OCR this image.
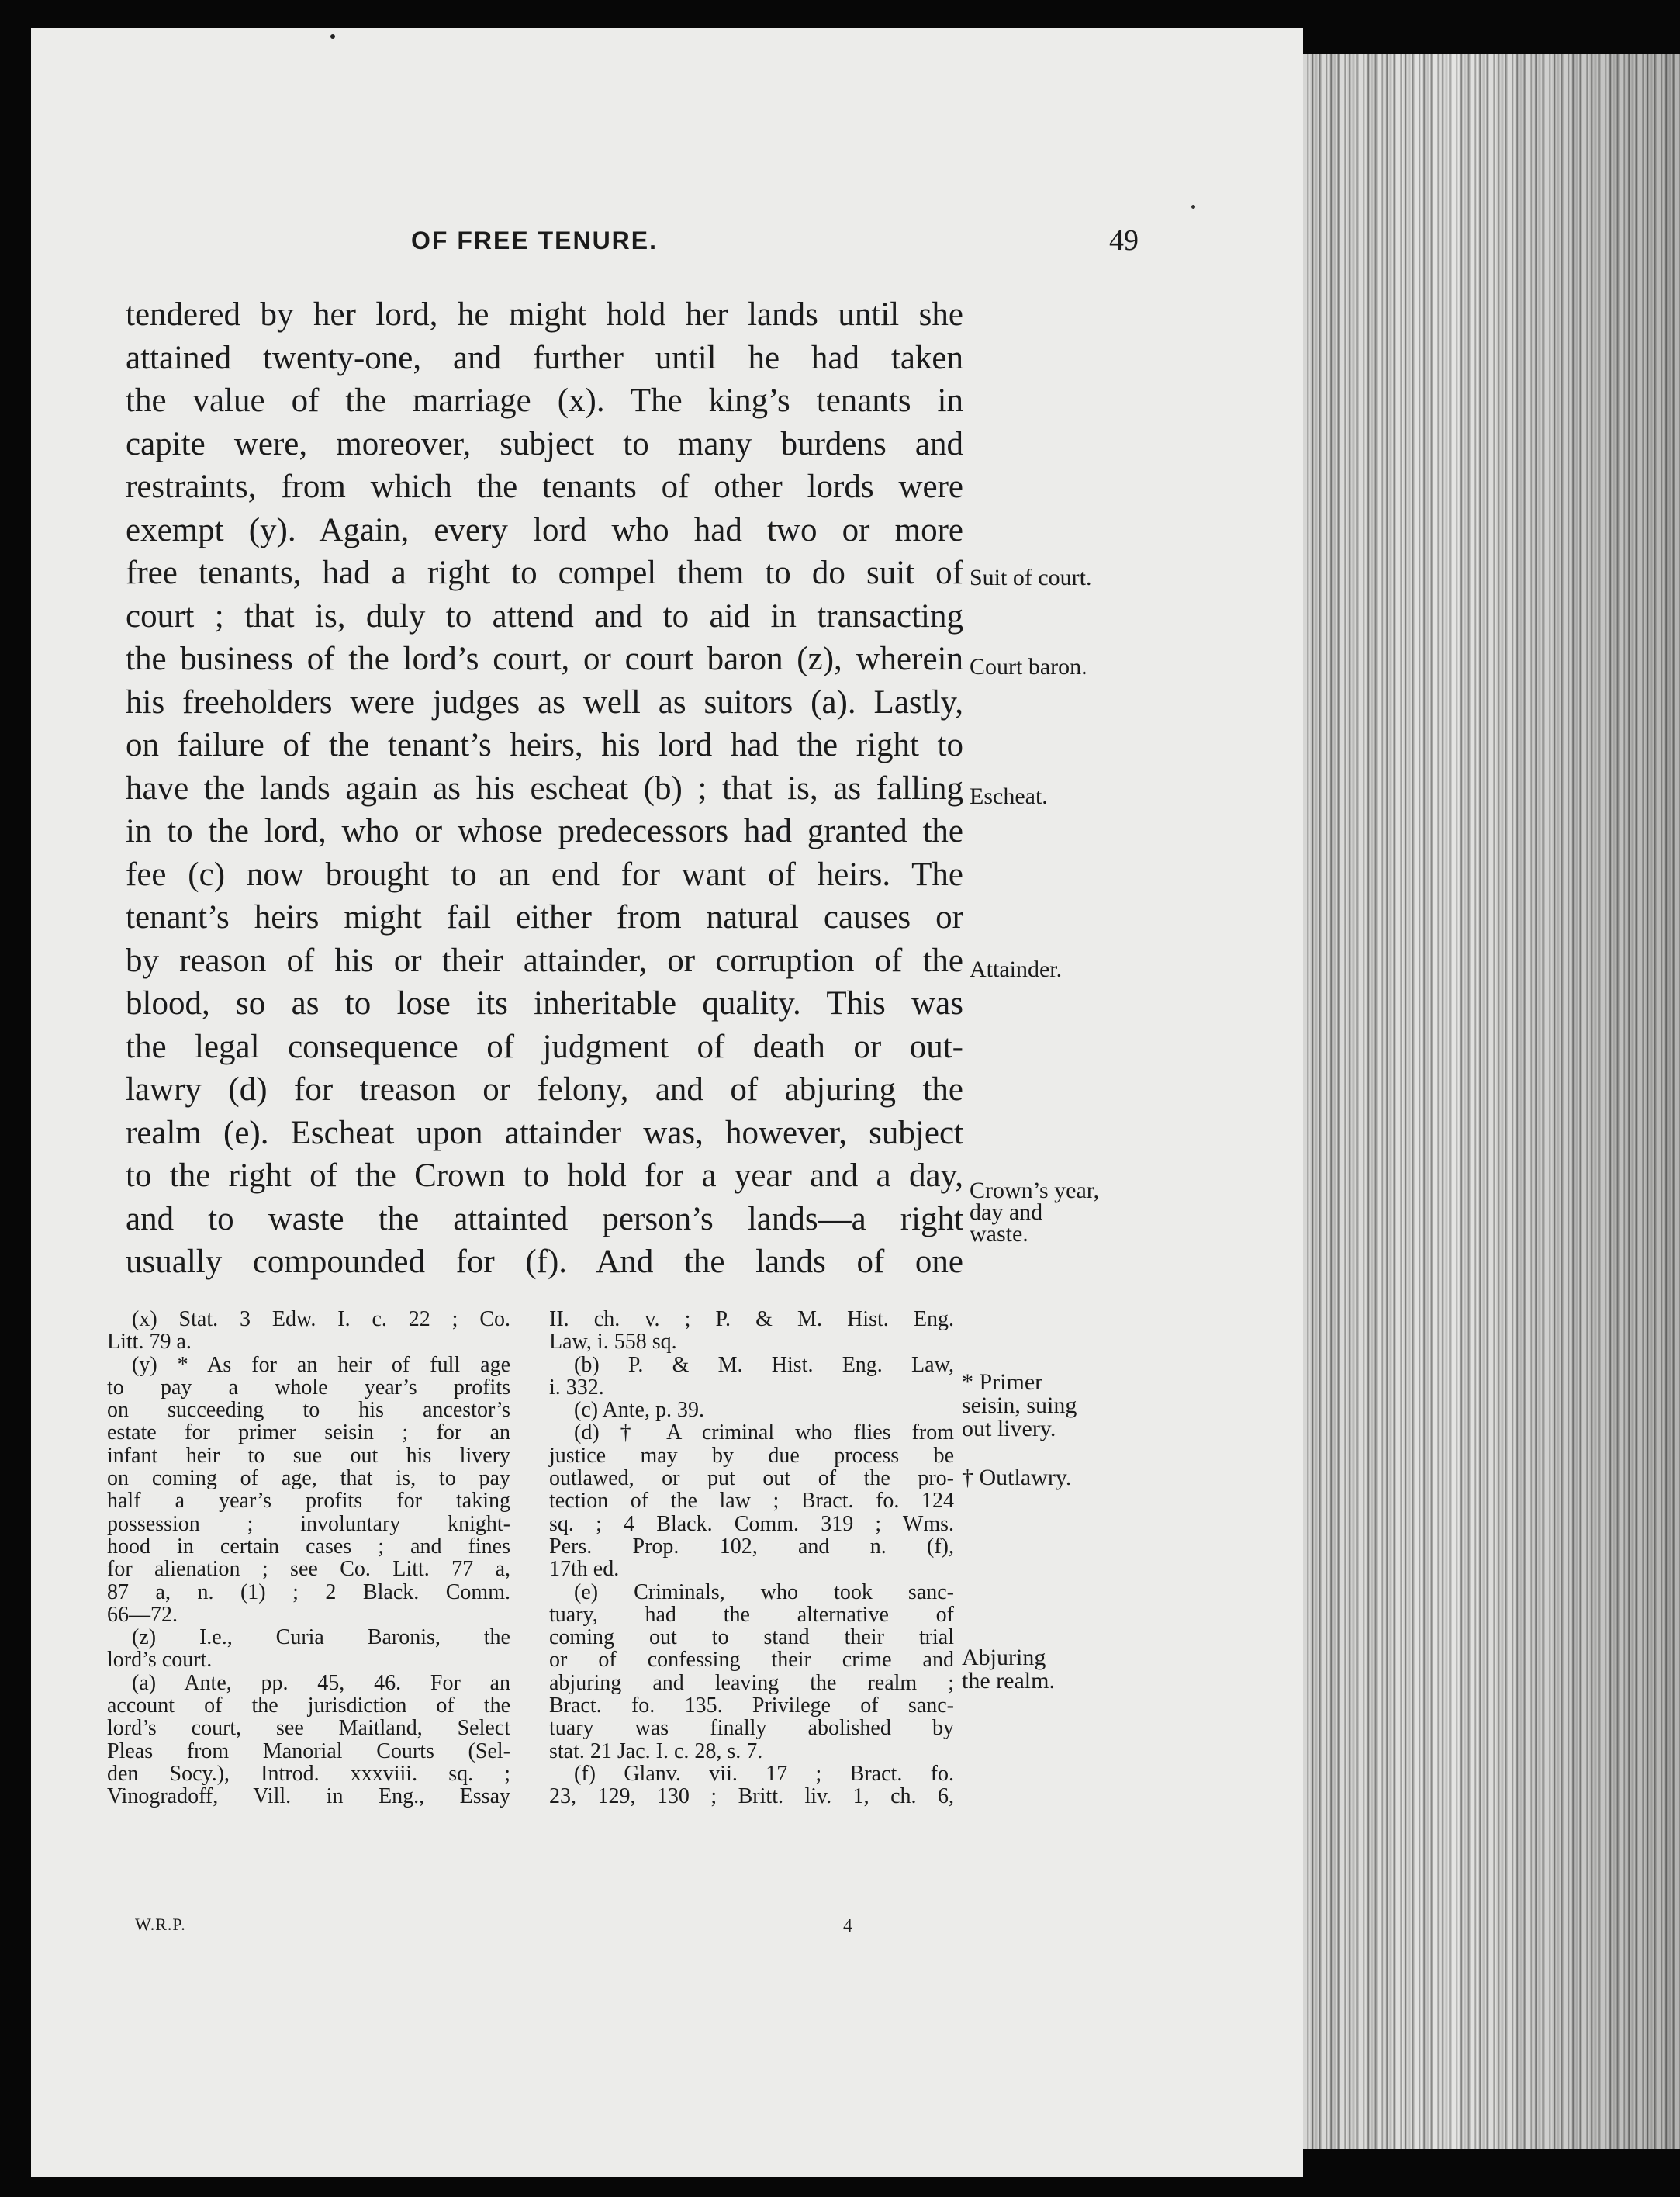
OF FREE TENURE.	49
tendered by her lord, he might hold her lands until she
attained twenty-one, and further until he had taken
the value of the marriage (x). The king’s tenants in
capite were, moreover, subject to many burdens and
restraints, from which the tenants of other lords were
exempt (y). Again, every lord who had two or more
free tenants, had a right to compel them to do suit of
court ; that is, duly to attend and to aid in transacting
the business of the lord’s court, or court baron (z), wherein
his freeholders were judges as well as suitors (a). Lastly,
on failure of the tenant’s heirs, his lord had the right to
have the lands again as his escheat (b) ; that is, as falling
in to the lord, who or whose predecessors had granted the
fee (c) now brought to an end for want of heirs. The
tenant’s heirs might fail either from natural causes or
by reason of his or their attainder, or corruption of the
blood, so as to lose its inheritable quality. This was
the legal consequence of judgment of death or out-
lawry (d) for treason or felony, and of abjuring the
realm (e). Escheat upon attainder was, however, subject
to the right of the Crown to hold for a year and a day,
and to waste the attainted person’s lands—a right
usually compounded for (f). And the lands of one
Suit of court.
Court baron.
Escheat.
Attainder.
Crown’s year,
day and
waste.
(x) Stat. 3 Edw. I. c. 22 ; Co.
Litt. 79 a.
(y) * As for an heir of full age
to pay a whole year’s profits
on succeeding to his ancestor’s
estate for primer seisin ; for an
infant heir to sue out his livery
on coming of age, that is, to pay
half a year’s profits for taking
possession ; involuntary knight-
hood in certain cases ; and fines
for alienation ; see Co. Litt. 77 a,
87 a, n. (1) ; 2 Black. Comm.
66—72.
(z) I.e., Curia Baronis, the
lord’s court.
(a) Ante, pp. 45, 46. For an
account of the jurisdiction of the
lord’s court, see Maitland, Select
Pleas from Manorial Courts (Sel-
den Socy.), Introd. xxxviii. sq. ;
Vinogradoff, Vill. in Eng., Essay
II. ch. v. ; P. & M. Hist. Eng.
Law, i. 558 sq.
(b) P. & M. Hist. Eng. Law,
i. 332.
(c) Ante, p. 39.
(d) † A criminal who flies from
justice may by due process be
outlawed, or put out of the pro-
tection of the law ; Bract. fo. 124
sq. ; 4 Black. Comm. 319 ; Wms.
Pers. Prop. 102, and n. (f),
17th ed.
(e) Criminals, who took sanc-
tuary, had the alternative of
coming out to stand their trial
or of confessing their crime and
abjuring and leaving the realm ;
Bract. fo. 135. Privilege of sanc-
tuary was finally abolished by
stat. 21 Jac. I. c. 28, s. 7.
(f) Glanv. vii. 17 ; Bract. fo.
23, 129, 130 ; Britt. liv. 1, ch. 6,
* Primer
seisin, suing
out livery.
† Outlawry.
Abjuring
the realm.
W.R.P.	4
